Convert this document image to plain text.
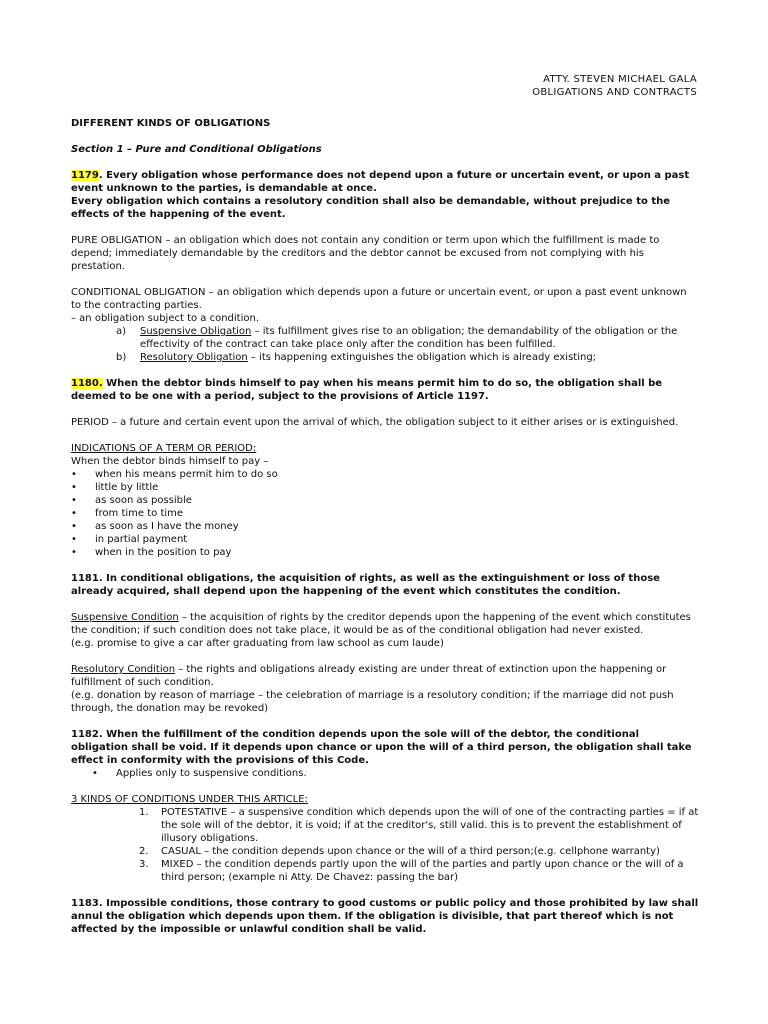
ATTY. STEVEN MICHAEL GALA
OBLIGATIONS AND CONTRACTS

DIFFERENT KINDS OF OBLIGATIONS

Section 1 – Pure and Conditional Obligations

1179. Every obligation whose performance does not depend upon a future or uncertain event, or upon a past event unknown to the parties, is demandable at once.

Every obligation which contains a resolutory condition shall also be demandable, without prejudice to the effects of the happening of the event.

PURE OBLIGATION – an obligation which does not contain any condition or term upon which the fulfillment is made to depend; immediately demandable by the creditors and the debtor cannot be excused from not complying with his prestation.

CONDITIONAL OBLIGATION – an obligation which depends upon a future or uncertain event, or upon a past event unknown to the contracting parties.

– an obligation subject to a condition.

a) Suspensive Obligation – its fulfillment gives rise to an obligation; the demandability of the obligation or the effectivity of the contract can take place only after the condition has been fulfilled.
b) Resolutory Obligation – its happening extinguishes the obligation which is already existing;

1180. When the debtor binds himself to pay when his means permit him to do so, the obligation shall be deemed to be one with a period, subject to the provisions of Article 1197.

PERIOD – a future and certain event upon the arrival of which, the obligation subject to it either arises or is extinguished.

INDICATIONS OF A TERM OR PERIOD:

When the debtor binds himself to pay –

• when his means permit him to do so
• little by little
• as soon as possible
• from time to time
• as soon as I have the money
• in partial payment
• when in the position to pay

1181. In conditional obligations, the acquisition of rights, as well as the extinguishment or loss of those already acquired, shall depend upon the happening of the event which constitutes the condition.

Suspensive Condition – the acquisition of rights by the creditor depends upon the happening of the event which constitutes the condition; if such condition does not take place, it would be as of the conditional obligation had never existed.

(e.g. promise to give a car after graduating from law school as cum laude)

Resolutory Condition – the rights and obligations already existing are under threat of extinction upon the happening or fulfillment of such condition.

(e.g. donation by reason of marriage – the celebration of marriage is a resolutory condition; if the marriage did not push through, the donation may be revoked)

1182. When the fulfillment of the condition depends upon the sole will of the debtor, the conditional obligation shall be void. If it depends upon chance or upon the will of a third person, the obligation shall take effect in conformity with the provisions of this Code.

• Applies only to suspensive conditions.

3 KINDS OF CONDITIONS UNDER THIS ARTICLE:

1. POTESTATIVE – a suspensive condition which depends upon the will of one of the contracting parties = if at the sole will of the debtor, it is void; if at the creditor's, still valid. this is to prevent the establishment of illusory obligations.
2. CASUAL – the condition depends upon chance or the will of a third person;(e.g. cellphone warranty)
3. MIXED – the condition depends partly upon the will of the parties and partly upon chance or the will of a third person; (example ni Atty. De Chavez: passing the bar)

1183. Impossible conditions, those contrary to good customs or public policy and those prohibited by law shall annul the obligation which depends upon them. If the obligation is divisible, that part thereof which is not affected by the impossible or unlawful condition shall be valid.
